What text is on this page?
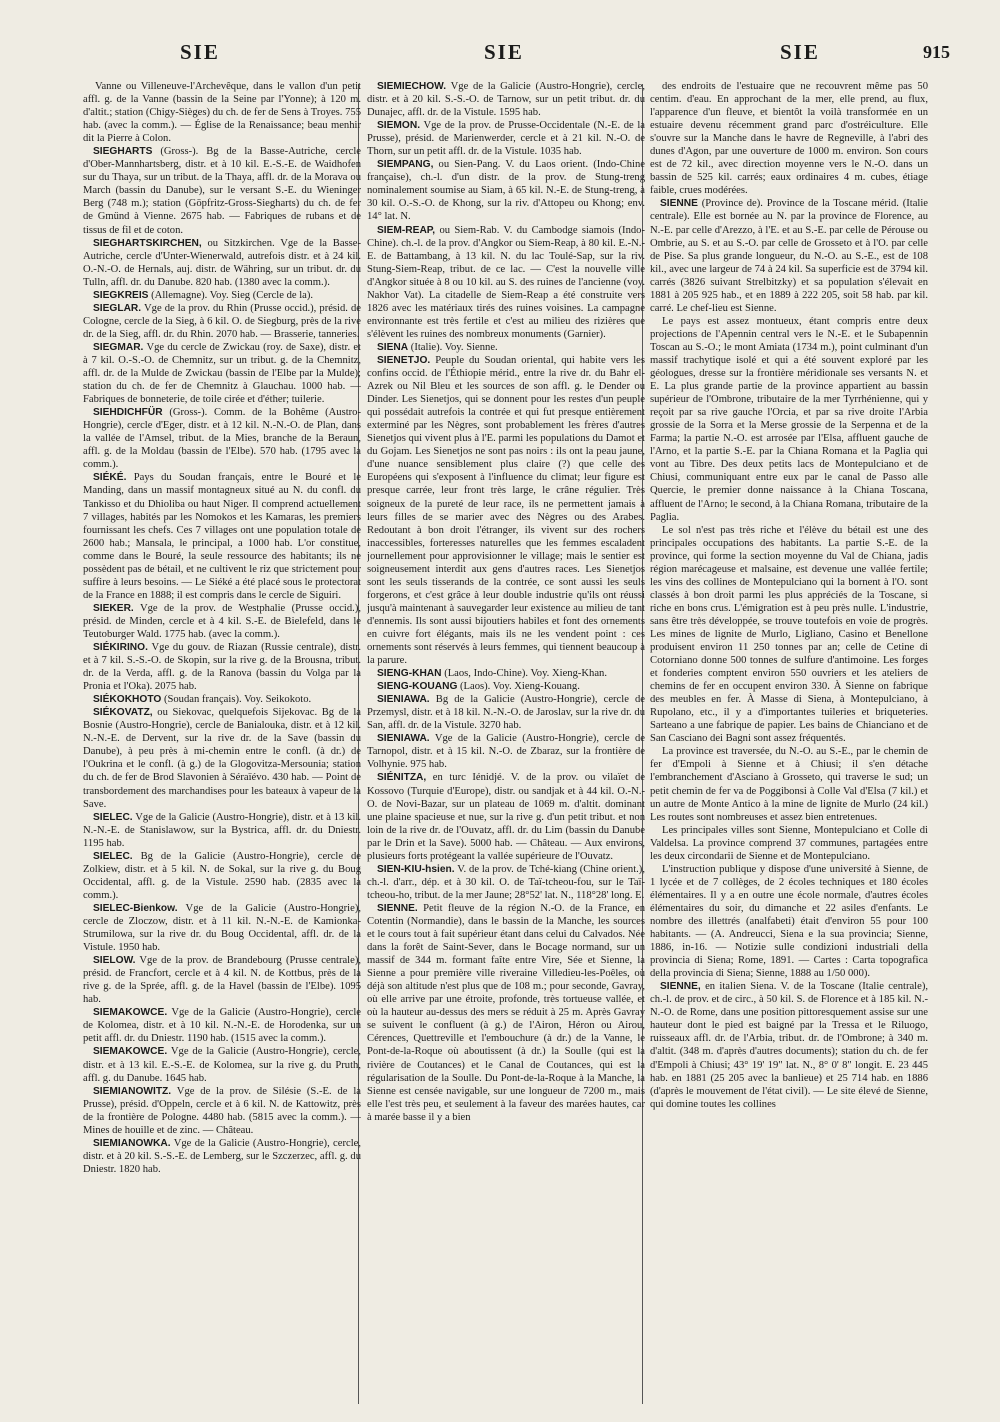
SIE	SIE	SIE	915

Vanne ou Villeneuve-l'Archevêque, dans le vallon d'un petit affl. g. de la Vanne (bassin de la Seine par l'Yonne); à 120 m. d'altit.; station (Chigy-Sièges) du ch. de fer de Sens à Troyes. 755 hab. (avec la comm.). — Église de la Renaissance; beau menhir dit la Pierre à Colon.

SIEGHARTS (Gross-). Bg de la Basse-Autriche, cercle d'Ober-Mannhartsberg, distr. et à 10 kil. E.-S.-E. de Waidhofen sur du Thaya, sur un tribut. de la Thaya, affl. dr. de la Morava ou March (bassin du Danube), sur le versant S.-E. du Wieninger Berg (748 m.); station (Göpfritz-Gross-Siegharts) du ch. de fer de Gmünd à Vienne. 2675 hab. — Fabriques de rubans et de tissus de fil et de coton.

SIEGHARTSKIRCHEN, ou Sitzkirchen. Vge de la Basse-Autriche, cercle d'Unter-Wienerwald, autrefois distr. et à 24 kil. O.-N.-O. de Hernals, auj. distr. de Währing, sur un tribut. dr. du Tulln, affl. dr. du Danube. 820 hab. (1380 avec la comm.).

SIEGKREIS (Allemagne). Voy. Sieg (Cercle de la).

SIEGLAR. Vge de la prov. du Rhin (Prusse occid.), présid. de Cologne, cercle de la Sieg, à 6 kil. O. de Siegburg, près de la rive dr. de la Sieg, affl. dr. du Rhin. 2070 hab. — Brasserie, tanneries.

SIEGMAR. Vge du cercle de Zwickau (roy. de Saxe), distr. et à 7 kil. O.-S.-O. de Chemnitz, sur un tribut. g. de la Chemnitz, affl. dr. de la Mulde de Zwickau (bassin de l'Elbe par la Mulde); station du ch. de fer de Chemnitz à Glauchau. 1000 hab. — Fabriques de bonneterie, de toile cirée et d'éther; tuilerie.

SIEHDICHFÜR (Gross-). Comm. de la Bohême (Austro-Hongrie), cercle d'Eger, distr. et à 12 kil. N.-N.-O. de Plan, dans la vallée de l'Amsel, tribut. de la Mies, branche de la Beraun, affl. g. de la Moldau (bassin de l'Elbe). 570 hab. (1795 avec la comm.).

SIÉKÉ. Pays du Soudan français, entre le Bouré et le Manding, dans un massif montagneux situé au N. du confl. du Tankisso et du Dhioliba ou haut Niger. Il comprend actuellement 7 villages, habités par les Nomokos et les Kamaras, les premiers fournissant les chefs. Ces 7 villages ont une population totale de 2600 hab.; Mansala, le principal, a 1000 hab. L'or constitue, comme dans le Bouré, la seule ressource des habitants; ils ne possèdent pas de bétail, et ne cultivent le riz que strictement pour suffire à leurs besoins. — Le Siéké a été placé sous le protectorat de la France en 1888; il est compris dans le cercle de Siguiri.

SIEKER. Vge de la prov. de Westphalie (Prusse occid.), présid. de Minden, cercle et à 4 kil. S.-E. de Bielefeld, dans le Teutoburger Wald. 1775 hab. (avec la comm.).

SIÉKIRINO. Vge du gouv. de Riazan (Russie centrale), distr. et à 7 kil. S.-S.-O. de Skopin, sur la rive g. de la Brousna, tribut. dr. de la Verda, affl. g. de la Ranova (bassin du Volga par la Pronia et l'Oka). 2075 hab.

SIÉKOKHOTO (Soudan français). Voy. Seikokoto.

SIÉKOVATZ, ou Siekovac, quelquefois Sijekovac. Bg de la Bosnie (Austro-Hongrie), cercle de Banialouka, distr. et à 12 kil. N.-N.-E. de Dervent, sur la rive dr. de la Save (bassin du Danube), à peu près à mi-chemin entre le confl. (à dr.) de l'Oukrina et le confl. (à g.) de la Glogovitza-Mersounia; station du ch. de fer de Brod Slavonien à Séraïévo. 430 hab. — Point de transbordement des marchandises pour les bateaux à vapeur de la Save.

SIELEC. Vge de la Galicie (Austro-Hongrie), distr. et à 13 kil. N.-N.-E. de Stanislawow, sur la Bystrica, affl. dr. du Dniestr. 1195 hab.

SIELEC. Bg de la Galicie (Austro-Hongrie), cercle de Zolkiew, distr. et à 5 kil. N. de Sokal, sur la rive g. du Boug Occidental, affl. g. de la Vistule. 2590 hab. (2835 avec la comm.).

SIELEC-Bienkow. Vge de la Galicie (Austro-Hongrie), cercle de Zloczow, distr. et à 11 kil. N.-N.-E. de Kamionka-Strumilowa, sur la rive dr. du Boug Occidental, affl. dr. de la Vistule. 1950 hab.

SIELOW. Vge de la prov. de Brandebourg (Prusse centrale), présid. de Francfort, cercle et à 4 kil. N. de Kottbus, près de la rive g. de la Sprée, affl. g. de la Havel (bassin de l'Elbe). 1095 hab.

SIEMAKOWCE. Vge de la Galicie (Austro-Hongrie), cercle de Kolomea, distr. et à 10 kil. N.-N.-E. de Horodenka, sur un petit affl. dr. du Dniestr. 1190 hab. (1515 avec la comm.).

SIEMAKOWCE. Vge de la Galicie (Austro-Hongrie), cercle, distr. et à 13 kil. E.-S.-E. de Kolomea, sur la rive g. du Pruth, affl. g. du Danube. 1645 hab.

SIEMIANOWITZ. Vge de la prov. de Silésie (S.-E. de la Prusse), présid. d'Oppeln, cercle et à 6 kil. N. de Kattowitz, près de la frontière de Pologne. 4480 hab. (5815 avec la comm.). — Mines de houille et de zinc. — Château.

SIEMIANOWKA. Vge de la Galicie (Austro-Hongrie), cercle, distr. et à 20 kil. S.-S.-E. de Lemberg, sur le Szczerzec, affl. g. du Dniestr. 1820 hab.

SIEMIECHOW. Vge de la Galicie (Austro-Hongrie), cercle, distr. et à 20 kil. S.-S.-O. de Tarnow, sur un petit tribut. dr. du Dunajec, affl. dr. de la Vistule. 1595 hab.

SIEMON. Vge de la prov. de Prusse-Occidentale (N.-E. de la Prusse), présid. de Marienwerder, cercle et à 21 kil. N.-O. de Thorn, sur un petit affl. dr. de la Vistule. 1035 hab.

SIEMPANG, ou Sien-Pang. V. du Laos orient. (Indo-Chine française), ch.-l. d'un distr. de la prov. de Stung-treng nominalement soumise au Siam, à 65 kil. N.-E. de Stung-treng, à 30 kil. O.-S.-O. de Khong, sur la riv. d'Attopeu ou Khong; env. 14° lat. N.

SIEM-REAP, ou Siem-Rab. V. du Cambodge siamois (Indo-Chine). ch.-l. de la prov. d'Angkor ou Siem-Reap, à 80 kil. E.-N.-E. de Battambang, à 13 kil. N. du lac Toulé-Sap, sur la riv. Stung-Siem-Reap, tribut. de ce lac. — C'est la nouvelle ville d'Angkor située à 8 ou 10 kil. au S. des ruines de l'ancienne (voy. Nakhor Vat). La citadelle de Siem-Reap a été construite vers 1826 avec les matériaux tirés des ruines voisines. La campagne environnante est très fertile et c'est au milieu des rizières que s'élèvent les ruines des nombreux monuments (Garnier).

SIENA (Italie). Voy. Sienne.

SIENETJO. Peuple du Soudan oriental, qui habite vers les confins occid. de l'Éthiopie mérid., entre la rive dr. du Bahr el-Azrek ou Nil Bleu et les sources de son affl. g. le Dender ou Dinder. Les Sienetjos, qui se donnent pour les restes d'un peuple qui possédait autrefois la contrée et qui fut presque entièrement exterminé par les Nègres, sont probablement les frères d'autres Sienetjos qui vivent plus à l'E. parmi les populations du Damot et du Gojam. Les Sienetjos ne sont pas noirs : ils ont la peau jaune, d'une nuance sensiblement plus claire (?) que celle des Européens qui s'exposent à l'influence du climat; leur figure est presque carrée, leur front très large, le crâne régulier. Très soigneux de la pureté de leur race, ils ne permettent jamais à leurs filles de se marier avec des Nègres ou des Arabes. Redoutant à bon droit l'étranger, ils vivent sur des rochers inaccessibles, forteresses naturelles que les femmes escaladent journellement pour approvisionner le village; mais le sentier est soigneusement interdit aux gens d'autres races. Les Sienetjos sont les seuls tisserands de la contrée, ce sont aussi les seuls forgerons, et c'est grâce à leur double industrie qu'ils ont réussi jusqu'à maintenant à sauvegarder leur existence au milieu de tant d'ennemis. Ils sont aussi bijoutiers habiles et font des ornements en cuivre fort élégants, mais ils ne les vendent point : ces ornements sont réservés à leurs femmes, qui tiennent beaucoup à la parure.

SIENG-KHAN (Laos, Indo-Chine). Voy. Xieng-Khan.

SIENG-KOUANG (Laos). Voy. Xieng-Kouang.

SIENIAWA. Bg de la Galicie (Austro-Hongrie), cercle de Przemysl, distr. et à 18 kil. N.-N.-O. de Jaroslav, sur la rive dr. du San, affl. dr. de la Vistule. 3270 hab.

SIENIAWA. Vge de la Galicie (Austro-Hongrie), cercle de Tarnopol, distr. et à 15 kil. N.-O. de Zbaraz, sur la frontière de Volhynie. 975 hab.

SIÉNITZA, en turc Iénidjé. V. de la prov. ou vilaïet de Kossovo (Turquie d'Europe), distr. ou sandjak et à 44 kil. O.-N.-O. de Novi-Bazar, sur un plateau de 1069 m. d'altit. dominant une plaine spacieuse et nue, sur la rive g. d'un petit tribut. et non loin de la rive dr. de l'Ouvatz, affl. dr. du Lim (bassin du Danube par le Drin et la Save). 5000 hab. — Château. — Aux environs, plusieurs forts protégeant la vallée supérieure de l'Ouvatz.

SIEN-KIU-hsien. V. de la prov. de Tché-kiang (Chine orient.), ch.-l. d'arr., dép. et à 30 kil. O. de Taï-tcheou-fou, sur le Taï-tcheou-ho, tribut. de la mer Jaune; 28°52' lat. N., 118°28' long. E.

SIENNE. Petit fleuve de la région N.-O. de la France, en Cotentin (Normandie), dans le bassin de la Manche, les sources et le cours tout à fait supérieur étant dans celui du Calvados. Née dans la forêt de Saint-Sever, dans le Bocage normand, sur un massif de 344 m. formant faîte entre Vire, Sée et Sienne, la Sienne a pour première ville riveraine Villedieu-les-Poêles, où déjà son altitude n'est plus que de 108 m.; pour seconde, Gavray, où elle arrive par une étroite, profonde, très tortueuse vallée, et où la hauteur au-dessus des mers se réduit à 25 m. Après Gavray se suivent le confluent (à g.) de l'Airon, Héron ou Airou, Cérences, Quettreville et l'embouchure (à dr.) de la Vanne, le Pont-de-la-Roque où aboutissent (à dr.) la Soulle (qui est la rivière de Coutances) et le Canal de Coutances, qui est la régularisation de la Soulle. Du Pont-de-la-Roque à la Manche, la Sienne est censée navigable, sur une longueur de 7200 m., mais elle l'est très peu, et seulement à la faveur des marées hautes, car à marée basse il y a bien

des endroits de l'estuaire que ne recouvrent même pas 50 centim. d'eau. En approchant de la mer, elle prend, au flux, l'apparence d'un fleuve, et bientôt la voilà transformée en un estuaire devenu récemment grand parc d'ostréiculture. Elle s'ouvre sur la Manche dans le havre de Regneville, à l'abri des dunes d'Agon, par une ouverture de 1000 m. environ. Son cours est de 72 kil., avec direction moyenne vers le N.-O. dans un bassin de 525 kil. carrés; eaux ordinaires 4 m. cubes, étiage faible, crues modérées.

SIENNE (Province de). Province de la Toscane mérid. (Italie centrale). Elle est bornée au N. par la province de Florence, au N.-E. par celle d'Arezzo, à l'E. et au S.-E. par celle de Pérouse ou Ombrie, au S. et au S.-O. par celle de Grosseto et à l'O. par celle de Pise. Sa plus grande longueur, du N.-O. au S.-E., est de 108 kil., avec une largeur de 74 à 24 kil. Sa superficie est de 3794 kil. carrés (3826 suivant Strelbitzky) et sa population s'élevait en 1881 à 205 925 hab., et en 1889 à 222 205, soit 58 hab. par kil. carré. Le chef-lieu est Sienne.

Le pays est assez montueux, étant compris entre deux projections de l'Apennin central vers le N.-E. et le Subapennin Toscan au S.-O.; le mont Amiata (1734 m.), point culminant d'un massif trachytique isolé et qui a été souvent exploré par les géologues, dresse sur la frontière méridionale ses versants N. et E. La plus grande partie de la province appartient au bassin supérieur de l'Ombrone, tributaire de la mer Tyrrhénienne, qui y reçoit par sa rive gauche l'Orcia, et par sa rive droite l'Arbia grossie de la Sorra et la Merse grossie de la Serpenna et de la Farma; la partie N.-O. est arrosée par l'Elsa, affluent gauche de l'Arno, et la partie S.-E. par la Chiana Romana et la Paglia qui vont au Tibre. Des deux petits lacs de Montepulciano et de Chiusi, communiquant entre eux par le canal de Passo alle Quercie, le premier donne naissance à la Chiana Toscana, affluent de l'Arno; le second, à la Chiana Romana, tributaire de la Paglia.

Le sol n'est pas très riche et l'élève du bétail est une des principales occupations des habitants. La partie S.-E. de la province, qui forme la section moyenne du Val de Chiana, jadis région marécageuse et malsaine, est devenue une vallée fertile; les vins des collines de Montepulciano qui la bornent à l'O. sont classés à bon droit parmi les plus appréciés de la Toscane, si riche en bons crus. L'émigration est à peu près nulle. L'industrie, sans être très développée, se trouve toutefois en voie de progrès. Les mines de lignite de Murlo, Ligliano, Casino et Benellone produisent environ 11 250 tonnes par an; celle de Cetine di Cotorniano donne 500 tonnes de sulfure d'antimoine. Les forges et fonderies comptent environ 550 ouvriers et les ateliers de chemins de fer en occupent environ 330. À Sienne on fabrique des meubles en fer. À Masse di Siena, à Montepulciano, à Rupolano, etc., il y a d'importantes tuileries et briqueteries. Sarteano a une fabrique de papier. Les bains de Chianciano et de San Casciano dei Bagni sont assez fréquentés.

La province est traversée, du N.-O. au S.-E., par le chemin de fer d'Empoli à Sienne et à Chiusi; il s'en détache l'embranchement d'Asciano à Grosseto, qui traverse le sud; un petit chemin de fer va de Poggibonsi à Colle Val d'Elsa (7 kil.) et un autre de Monte Antico à la mine de lignite de Murlo (24 kil.) Les routes sont nombreuses et assez bien entretenues.

Les principales villes sont Sienne, Montepulciano et Colle di Valdelsa. La province comprend 37 communes, partagées entre les deux circondarii de Sienne et de Montepulciano.

L'instruction publique y dispose d'une université à Sienne, de 1 lycée et de 7 collèges, de 2 écoles techniques et 180 écoles élémentaires. Il y a en outre une école normale, d'autres écoles élémentaires du soir, du dimanche et 22 asiles d'enfants. Le nombre des illettrés (analfabeti) était d'environ 55 pour 100 habitants. — (A. Andreucci, Siena e la sua provincia; Sienne, 1886, in-16. — Notizie sulle condizioni industriali della provincia di Siena; Rome, 1891. — Cartes : Carta topografica della provincia di Siena; Sienne, 1888 au 1/50 000).

SIENNE, en italien Siena. V. de la Toscane (Italie centrale), ch.-l. de prov. et de circ., à 50 kil. S. de Florence et à 185 kil. N.-N.-O. de Rome, dans une position pittoresquement assise sur une hauteur dont le pied est baigné par la Tressa et le Riluogo, ruisseaux affl. dr. de l'Arbia, tribut. dr. de l'Ombrone; à 340 m. d'altit. (348 m. d'après d'autres documents); station du ch. de fer d'Empoli à Chiusi; 43° 19' 19" lat. N., 8° 0' 8" longit. E. 23 445 hab. en 1881 (25 205 avec la banlieue) et 25 714 hab. en 1886 (d'après le mouvement de l'état civil). — Le site élevé de Sienne, qui domine toutes les collines
